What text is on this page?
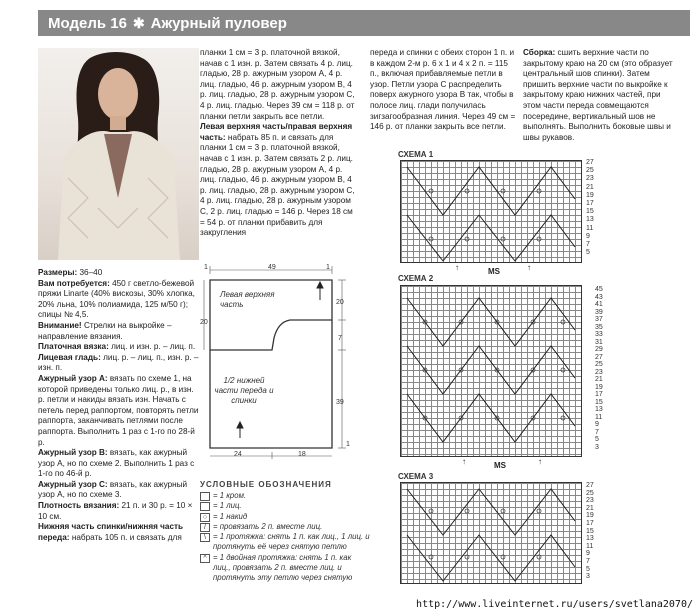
Модель 16 ✱ Ажурный пуловер

Размеры: 36–40

Вам потребуется: 450 г светло-бежевой пряжи Linarte (40% вискозы, 30% хлопка, 20% льна, 10% полиамида, 125 м/50 г); спицы № 4,5.

Внимание! Стрелки на выкройке – направление вязания.

Платочная вязка: лиц. и изн. р. – лиц. п.

Лицевая гладь: лиц. р. – лиц. п., изн. р. – изн. п.

Ажурный узор A: вязать по схеме 1, на которой приведены только лиц. р., в изн. р. петли и накиды вязать изн. Начать с петель перед раппортом, повторять петли раппорта, заканчивать петлями после раппорта. Выполнить 1 раз с 1-го по 28-й р.

Ажурный узор B: вязать, как ажурный узор A, но по схеме 2. Выполнить 1 раз с 1-го по 46-й р.

Ажурный узор C: вязать, как ажурный узор A, но по схеме 3.

Плотность вязания: 21 п. и 30 р. = 10 × 10 см.

Нижняя часть спинки/нижняя часть переда: набрать 105 п. и связать для

планки 1 см = 3 р. платочной вязкой, начав с 1 изн. р. Затем связать 4 р. лиц. гладью, 28 р. ажурным узором A, 4 р. лиц. гладью, 46 р. ажурным узором B, 4 р. лиц. гладью, 28 р. ажурным узором C, 4 р. лиц. гладью. Через 39 см = 118 р. от планки петли закрыть все петли.

Левая верхняя часть/правая верхняя часть: набрать 85 п. и связать для планки 1 см = 3 р. платочной вязкой, начав с 1 изн. р. Затем связать 2 р. лиц. гладью, 28 р. ажурным узором A, 4 р. лиц. гладью, 46 р. ажурным узором B, 4 р. лиц. гладью, 28 р. ажурным узором C, 4 р. лиц. гладью, 28 р. ажурным узором C, 2 р. лиц. гладью = 146 р. Через 18 см = 54 р. от планки прибавить для закругления

49
1	1
20
20
7
39
24	18
1
Левая верхняя часть
1/2 нижней части переда и спинки
УСЛОВНЫЕ ОБОЗНАЧЕНИЯ
= 1 кром.
= 1 лиц.
○ = 1 накид
/ = провязать 2 п. вместе лиц.
\ = 1 протяжка: снять 1 п. как лиц., 1 лиц. и протянуть её через снятую петлю
^ = 1 двойная протяжка: снять 1 п. как лиц., провязать 2 п. вместе лиц. и протянуть эту петлю через снятую
переда и спинки с обеих сторон 1 п. и в каждом 2-м р. 6 х 1 и 4 х 2 п. = 115 п., включая прибавляемые петли в узор. Петли узора C распределить поверх ажурного узора B так, чтобы в полосе лиц. глади получилась зигзагообразная линия. Через 49 см = 146 р. от планки закрыть все петли.

Сборка: сшить верхние части по закрытому краю на 20 см (это образует центральный шов спинки). Затем пришить верхние части по выкройке к закрытому краю нижних частей, при этом части переда совмещаются посередине, вертикальный шов не выполнять. Выполнить боковые швы и швы рукавов.

СХЕМА 1
27
25
23
21
19
17
15
13
11
9
7
5
↑	↑
MS
СХЕМА 2
45
43
41
39
37
35
33
31
29
27
25
23
21
19
17
15
13
11
9
7
5
3
↑	↑
MS
СХЕМА 3
27
25
23
21
19
17
15
13
11
9
7
5
3
http://www.liveinternet.ru/users/svetlana2070/
